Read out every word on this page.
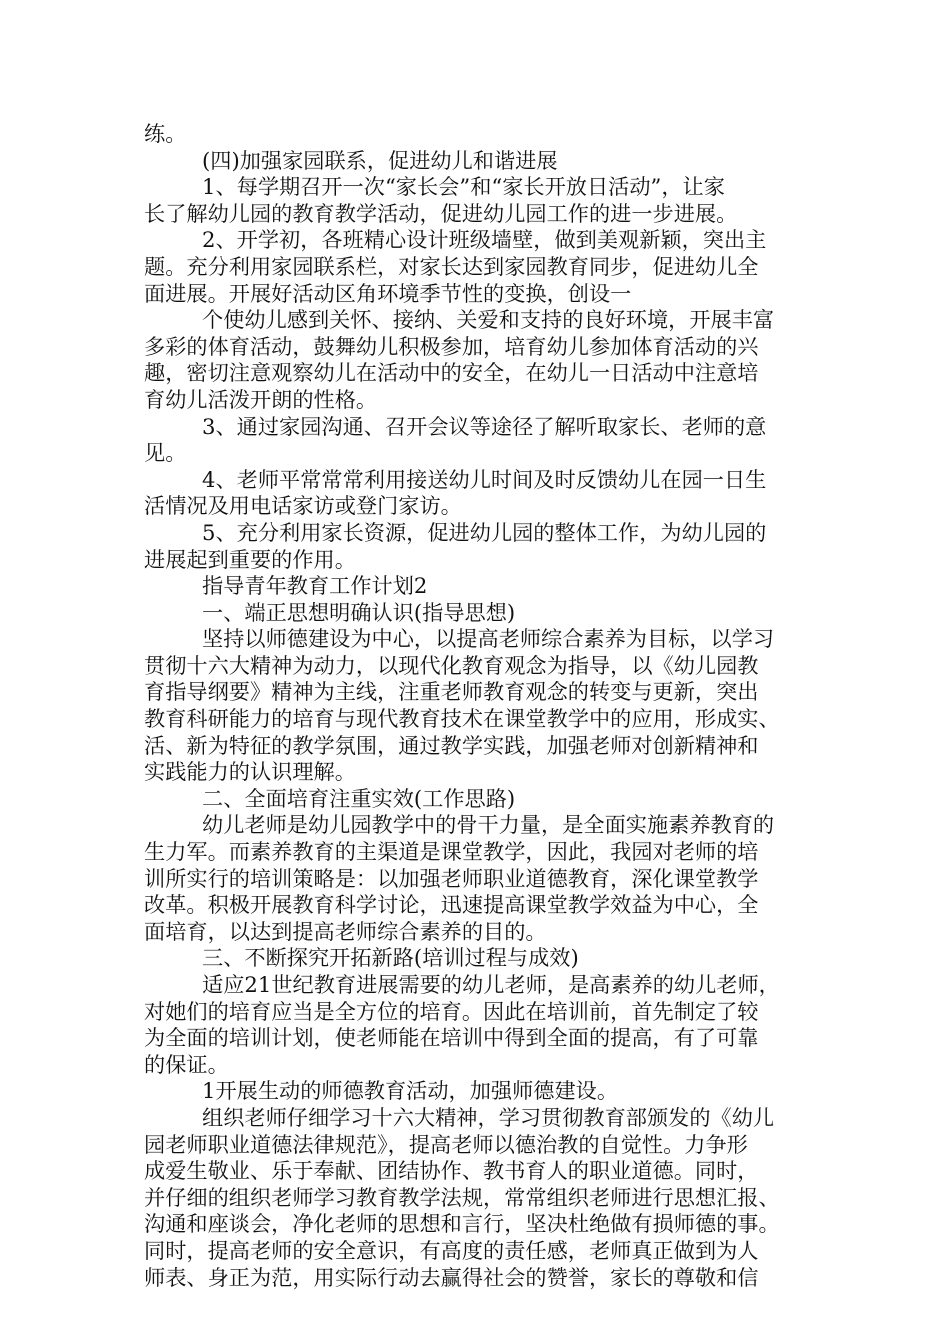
练。
(四)加强家园联系，促进幼儿和谐进展
1、每学期召开一次“家长会”和“家长开放日活动”，让家
长了解幼儿园的教育教学活动，促进幼儿园工作的进一步进展。
2、开学初，各班精心设计班级墙壁，做到美观新颖，突出主
题。充分利用家园联系栏，对家长达到家园教育同步，促进幼儿全
面进展。开展好活动区角环境季节性的变换，创设一
个使幼儿感到关怀、接纳、关爱和支持的良好环境，开展丰富
多彩的体育活动，鼓舞幼儿积极参加，培育幼儿参加体育活动的兴
趣，密切注意观察幼儿在活动中的安全，在幼儿一日活动中注意培
育幼儿活泼开朗的性格。
3、通过家园沟通、召开会议等途径了解听取家长、老师的意
见。
4、老师平常常常利用接送幼儿时间及时反馈幼儿在园一日生
活情况及用电话家访或登门家访。
5、充分利用家长资源，促进幼儿园的整体工作，为幼儿园的
进展起到重要的作用。
指导青年教育工作计划2
一、端正思想明确认识(指导思想)
坚持以师德建设为中心，以提高老师综合素养为目标，以学习
贯彻十六大精神为动力，以现代化教育观念为指导，以《幼儿园教
育指导纲要》精神为主线，注重老师教育观念的转变与更新，突出
教育科研能力的培育与现代教育技术在课堂教学中的应用，形成实、
活、新为特征的教学氛围，通过教学实践，加强老师对创新精神和
实践能力的认识理解。
二、全面培育注重实效(工作思路)
幼儿老师是幼儿园教学中的骨干力量，是全面实施素养教育的
生力军。而素养教育的主渠道是课堂教学，因此，我园对老师的培
训所实行的培训策略是：以加强老师职业道德教育，深化课堂教学
改革。积极开展教育科学讨论，迅速提高课堂教学效益为中心，全
面培育，以达到提高老师综合素养的目的。
三、不断探究开拓新路(培训过程与成效)
适应21世纪教育进展需要的幼儿老师，是高素养的幼儿老师，
对她们的培育应当是全方位的培育。因此在培训前，首先制定了较
为全面的培训计划，使老师能在培训中得到全面的提高，有了可靠
的保证。
1开展生动的师德教育活动，加强师德建设。
组织老师仔细学习十六大精神，学习贯彻教育部颁发的《幼儿
园老师职业道德法律规范》，提高老师以德治教的自觉性。力争形
成爱生敬业、乐于奉献、团结协作、教书育人的职业道德。同时，
并仔细的组织老师学习教育教学法规，常常组织老师进行思想汇报、
沟通和座谈会，净化老师的思想和言行，坚决杜绝做有损师德的事。
同时，提高老师的安全意识，有高度的责任感，老师真正做到为人
师表、身正为范，用实际行动去赢得社会的赞誉，家长的尊敬和信
